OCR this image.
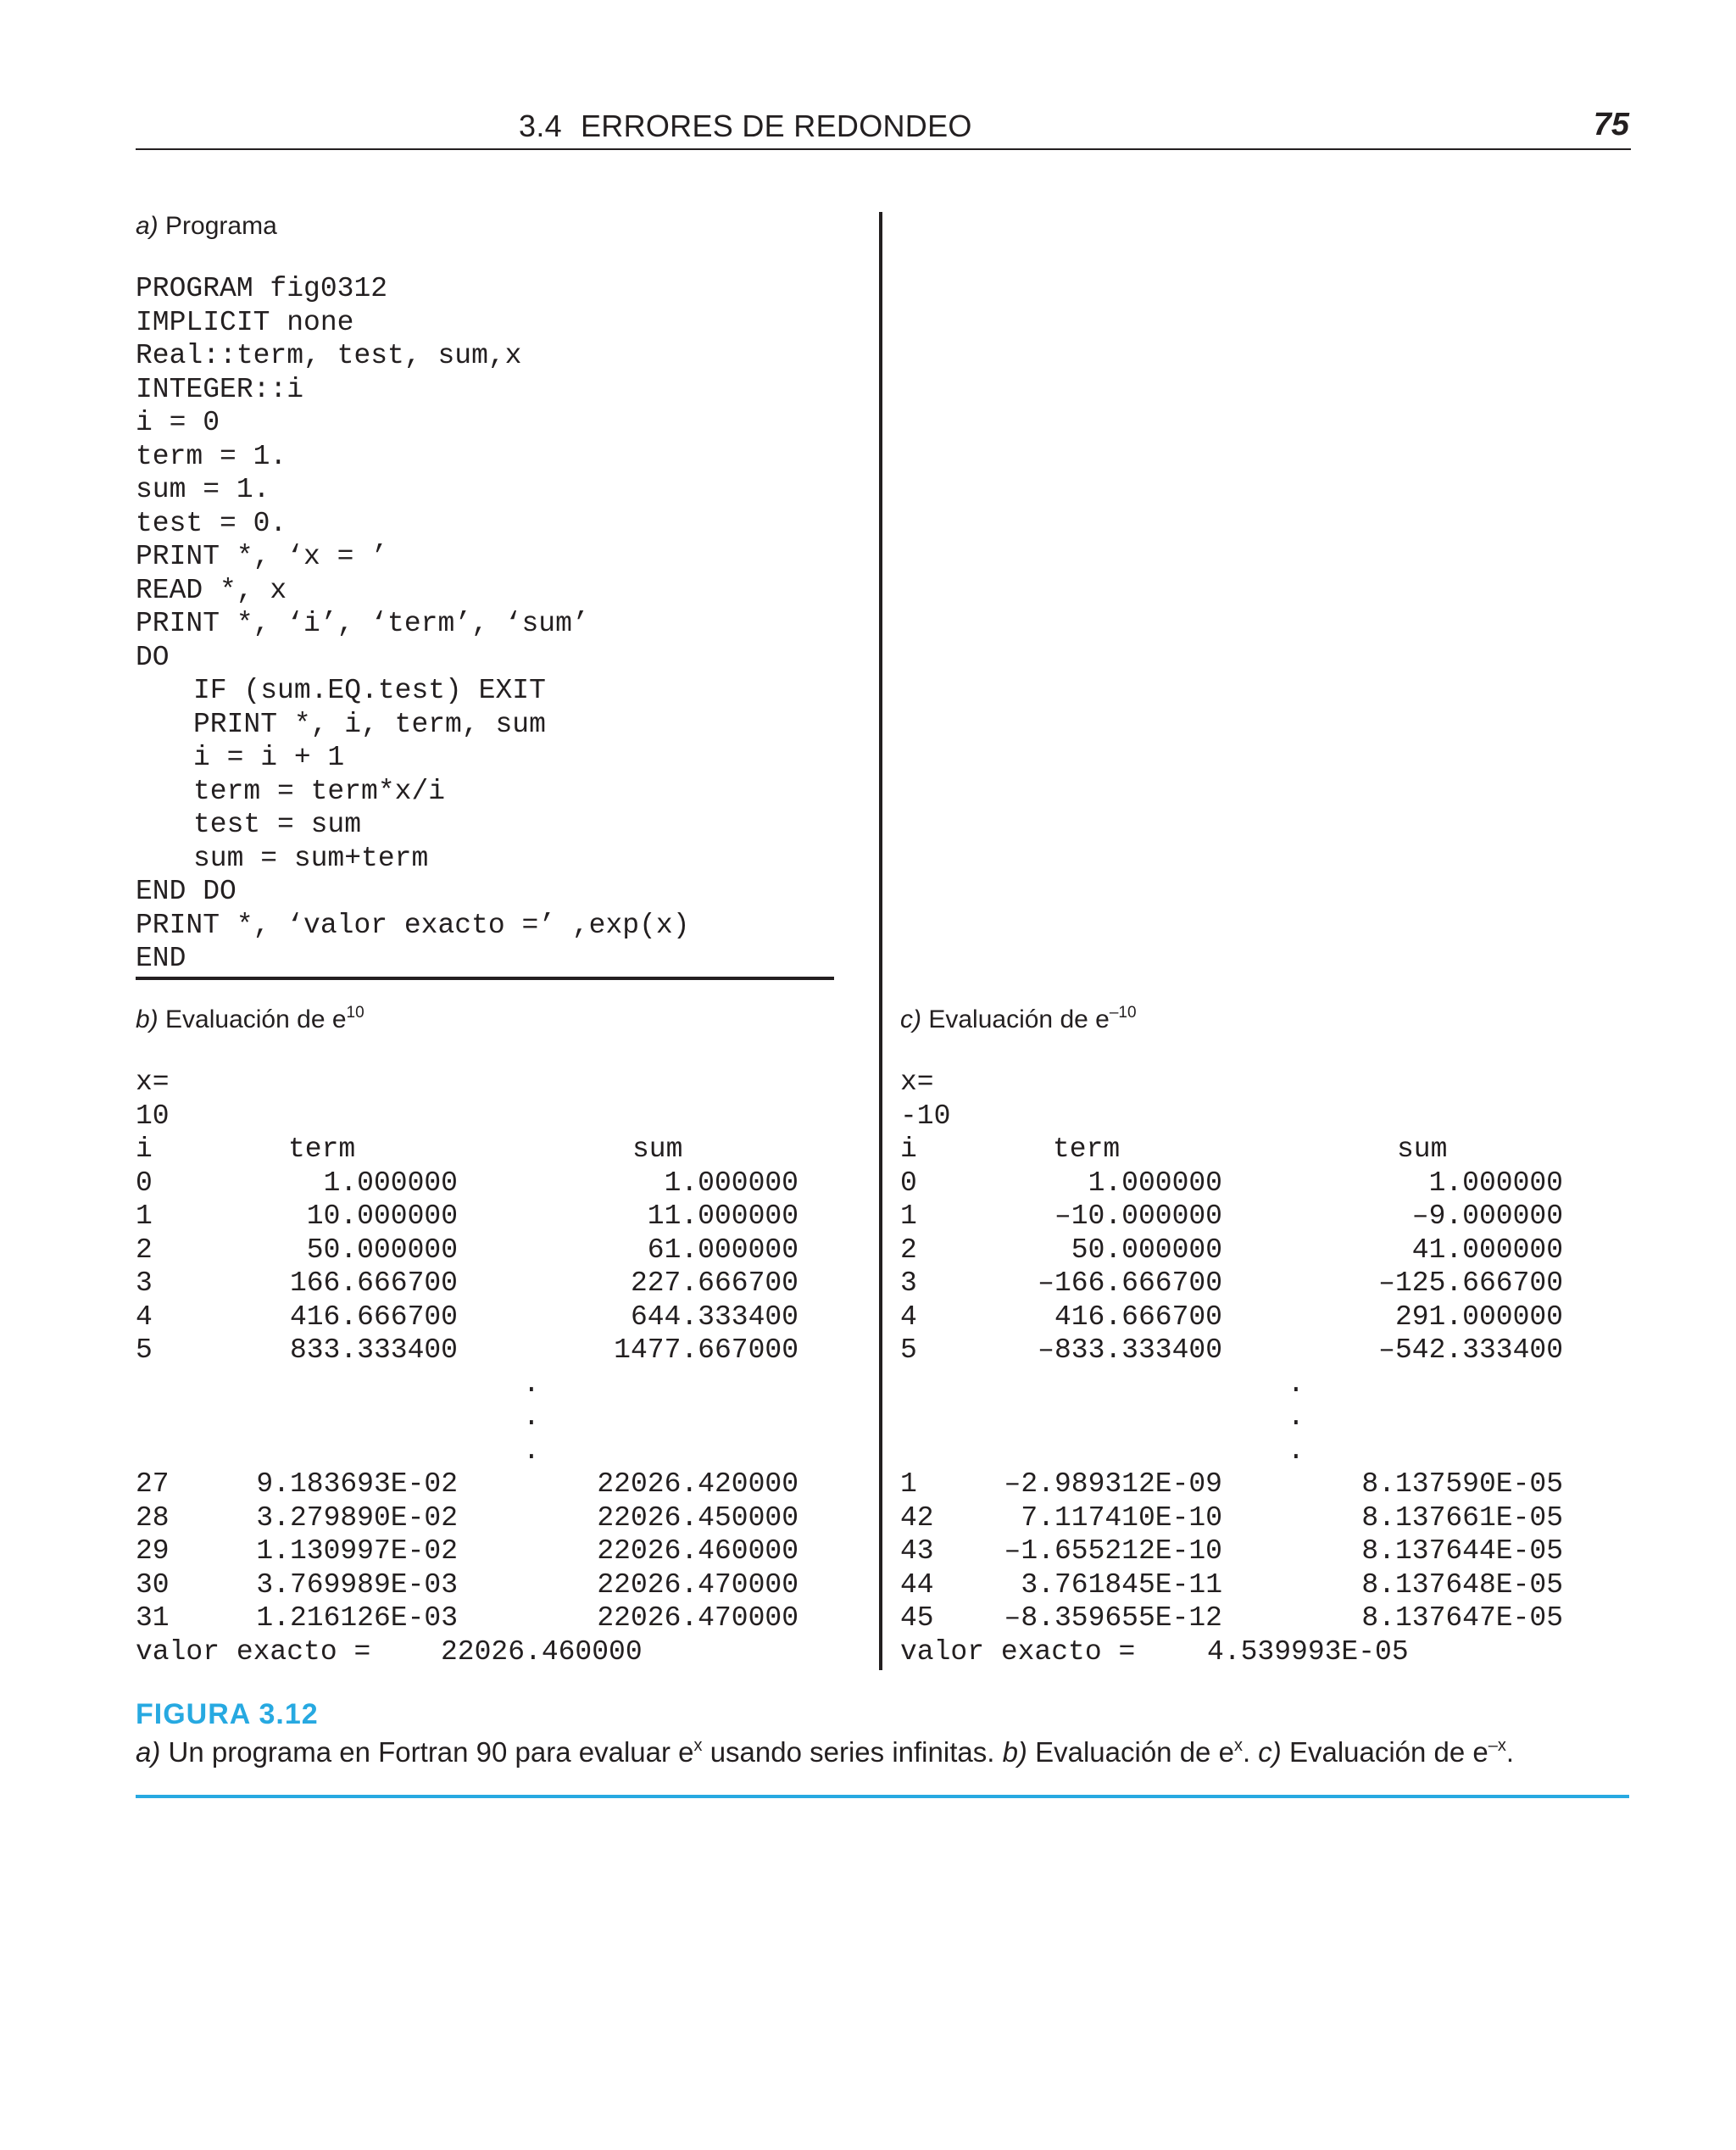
3.4 ERRORES DE REDONDEO	75
a) Programa
PROGRAM fig0312
IMPLICIT none
Real::term, test, sum,x
INTEGER::i
i = 0
term = 1.
sum = 1.
test = 0.
PRINT *, ‘x = ’
READ *, x
PRINT *, ‘i’, ‘term’, ‘sum’
DO
IF (sum.EQ.test) EXIT
PRINT *, i, term, sum
i = i + 1
term = term*x/i
test = sum
sum = sum+term
END DO
PRINT *, ‘valor exacto =’ ,exp(x)
END
b) Evaluación de $e^{10}$
x=
10
i	term	sum
0	1.000000	1.000000
1	10.000000	11.000000
2	50.000000	61.000000
3	166.666700	227.666700
4	416.666700	644.333400
5	833.333400	1477.667000
.
.
.
27	9.183693E-02	22026.420000
28	3.279890E-02	22026.450000
29	1.130997E-02	22026.460000
30	3.769989E-03	22026.470000
31	1.216126E-03	22026.470000
valor exacto =	22026.460000
c) Evaluación de $e^{-10}$
x=
-10
i	term	sum
0	1.000000	1.000000
1	–10.000000	–9.000000
2	50.000000	41.000000
3	–166.666700	–125.666700
4	416.666700	291.000000
5	–833.333400	–542.333400
.
.
.
1	–2.989312E-09	8.137590E-05
42	7.117410E-10	8.137661E-05
43	–1.655212E-10	8.137644E-05
44	3.761845E-11	8.137648E-05
45	–8.359655E-12	8.137647E-05
valor exacto =	4.539993E-05
FIGURA 3.12
a) Un programa en Fortran 90 para evaluar $e^x$ usando series infinitas. b) Evaluación de $e^x$. c) Evaluación de $e^{-x}$.
